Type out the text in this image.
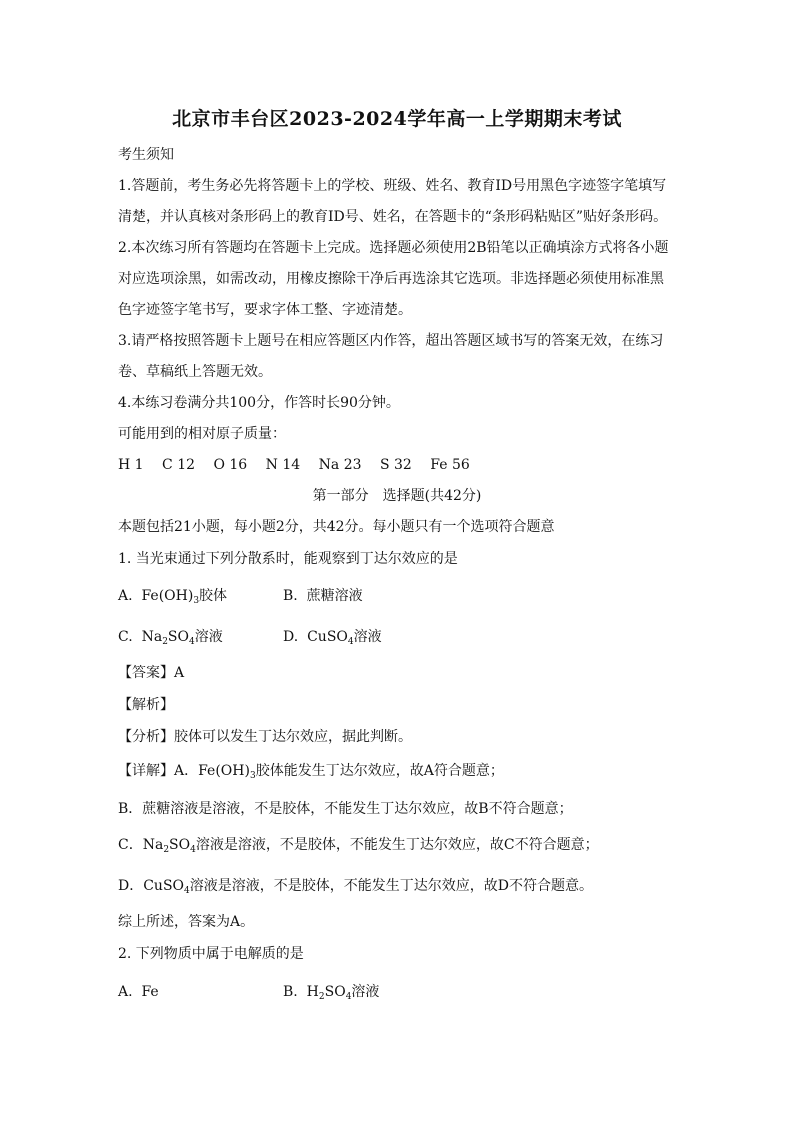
北京市丰台区2023-2024学年高一上学期期末考试
考生须知
1.答题前，考生务必先将答题卡上的学校、班级、姓名、教育ID号用黑色字迹签字笔填写
清楚，并认真核对条形码上的教育ID号、姓名，在答题卡的“条形码粘贴区”贴好条形码。
2.本次练习所有答题均在答题卡上完成。选择题必须使用2B铅笔以正确填涂方式将各小题
对应选项涂黑，如需改动，用橡皮擦除干净后再选涂其它选项。非选择题必须使用标准黑
色字迹签字笔书写，要求字体工整、字迹清楚。
3.请严格按照答题卡上题号在相应答题区内作答，超出答题区域书写的答案无效，在练习
卷、草稿纸上答题无效。
4.本练习卷满分共100分，作答时长90分钟。
可能用到的相对原子质量：
H 1 C 12 O 16 N 14 Na 23 S 32 Fe 56
第一部分　选择题(共42分)
本题包括21小题，每小题2分，共42分。每小题只有一个选项符合题意
1. 当光束通过下列分散系时，能观察到丁达尔效应的是
A. $Fe(OH)_3$胶体	B. 蔗糖溶液
C. $Na_2SO_4$溶液	D. CuSO$_4$溶液
【答案】A
【解析】
【分析】胶体可以发生丁达尔效应，据此判断。
【详解】A．$Fe(OH)_3$胶体能发生丁达尔效应，故A符合题意；
B．蔗糖溶液是溶液，不是胶体，不能发生丁达尔效应，故B不符合题意；
C．$Na_2SO_4$溶液是溶液，不是胶体，不能发生丁达尔效应，故C不符合题意；
D．CuSO$_4$溶液是溶液，不是胶体，不能发生丁达尔效应，故D不符合题意。
综上所述，答案为A。
2. 下列物质中属于电解质的是
A. Fe	B. $H_2SO_4$溶液
